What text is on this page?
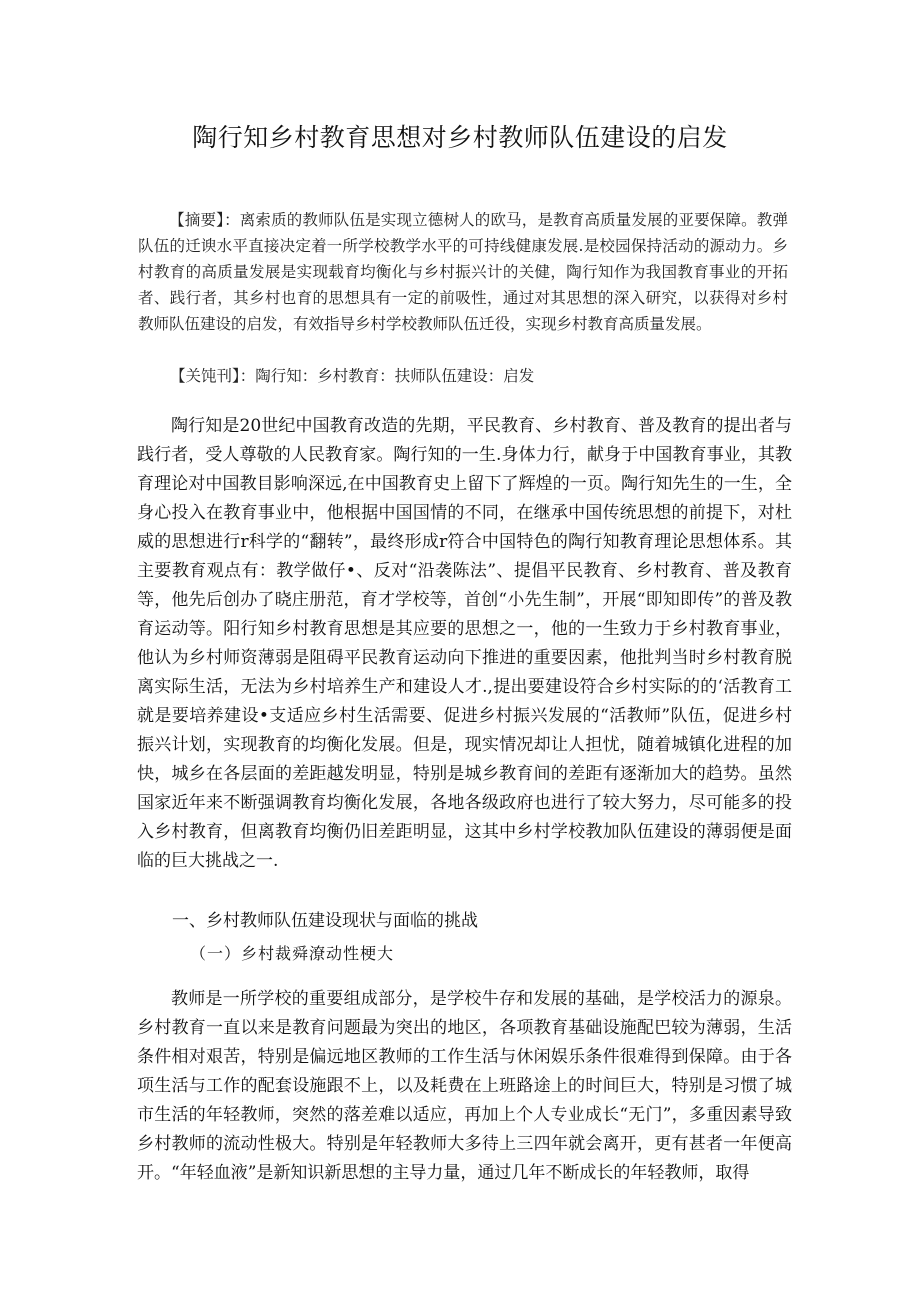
陶行知乡村教育思想对乡村教师队伍建设的启发
【摘要】：离索质的教师队伍是实现立德树人的欧马，是教育高质量发展的亚要保障。教弹队伍的迁谀水平直接决定着一所学校教学水平的可持线健康发展.是校园保持活动的源动力。乡村教育的高质量发展是实现载育均衡化与乡村振兴计的关健，陶行知作为我国教育事业的开拓者、践行者，其乡村也育的思想具有一定的前吸性，通过对其思想的深入研究，以获得对乡村教师队伍建设的启发，有效指导乡村学校教师队伍迁役，实现乡村教育高质量发展。
【关饨刊】：陶行知：乡村教育：扶师队伍建设：启发

陶行知是20世纪中国教育改造的先期，平民教育、乡村教育、普及教育的提出者与践行者，受人尊敬的人民教育家。陶行知的一生.身体力行，献身于中国教育事业，其教育理论对中国教目影响深远,在中国教育史上留下了辉煌的一页。陶行知先生的一生，全身心投入在教育事业中，他根据中国国情的不同，在继承中国传统思想的前提下，对杜威的思想进行r科学的“翻转”，最终形成r符合中国特色的陶行知教育理论思想体系。其主要教育观点有：教学做仔•、反对“沿袭陈法”、提倡平民教育、乡村教育、普及教育等，他先后创办了晓庄册范，育才学校等，首创“小先生制”，开展“即知即传”的普及教育运动等。阳行知乡村教育思想是其应要的思想之一，他的一生致力于乡村教育事业，他认为乡村师资薄弱是阻碍平民教育运动向下推进的重要因素，他批判当时乡村教育脱离实际生活，无法为乡村培养生产和建设人才.,提出要建设符合乡村实际的的‘活教育工就是要培养建设•支适应乡村生活需要、促进乡村振兴发展的“活教师”队伍，促进乡村振兴计划，实现教育的均衡化发展。但是，现实情况却让人担忧，随着城镇化进程的加快，城乡在各层面的差距越发明显，特别是城乡教育间的差距有逐渐加大的趋势。虽然国家近年来不断强调教育均衡化发展，各地各级政府也进行了较大努力，尽可能多的投入乡村教育，但离教育均衡仍旧差距明显，这其中乡村学校教加队伍建设的薄弱便是面临的巨大挑战之一.

一、乡村教师队伍建设现状与面临的挑战
（一）乡村裁舜潦动性梗大

教师是一所学校的重要组成部分，是学校牛存和发展的基础，是学校活力的源泉。乡村教育一直以来是教育问题最为突出的地区，各项教育基础设施配巴较为薄弱，生活条件相对艰苦，特别是偏远地区教师的工作生活与休闲娱乐条件很难得到保障。由于各项生活与工作的配套设施跟不上，以及耗费在上班路途上的时间巨大，特别是习惯了城市生活的年轻教师，突然的落差难以适应，再加上个人专业成长“无门”，多重因素导致乡村教师的流动性极大。特别是年轻教师大多待上三四年就会离开，更有甚者一年便高开。“年轻血液”是新知识新思想的主导力量，通过几年不断成长的年轻教师，取得
